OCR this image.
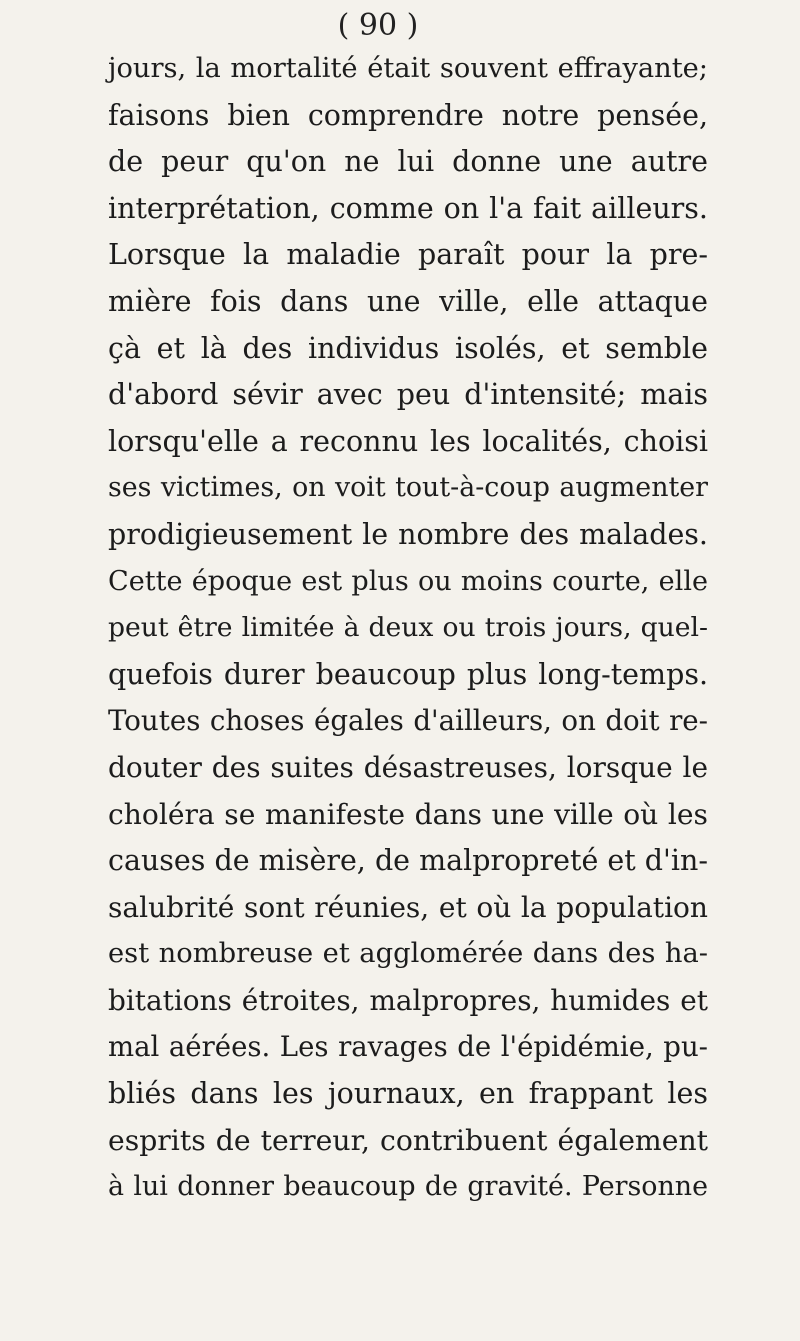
( 90 )
jours, la mortalité était souvent effrayante;
faisons bien comprendre notre pensée,
de peur qu'on ne lui donne une autre
interprétation, comme on l'a fait ailleurs.
Lorsque la maladie paraît pour la pre-
mière fois dans une ville, elle attaque
çà et là des individus isolés, et semble
d'abord sévir avec peu d'intensité; mais
lorsqu'elle a reconnu les localités, choisi
ses victimes, on voit tout-à-coup augmenter
prodigieusement le nombre des malades.
Cette époque est plus ou moins courte, elle
peut être limitée à deux ou trois jours, quel-
quefois durer beaucoup plus long-temps.
Toutes choses égales d'ailleurs, on doit re-
douter des suites désastreuses, lorsque le
choléra se manifeste dans une ville où les
causes de misère, de malpropreté et d'in-
salubrité sont réunies, et où la population
est nombreuse et agglomérée dans des ha-
bitations étroites, malpropres, humides et
mal aérées. Les ravages de l'épidémie, pu-
bliés dans les journaux, en frappant les
esprits de terreur, contribuent également
à lui donner beaucoup de gravité. Personne
